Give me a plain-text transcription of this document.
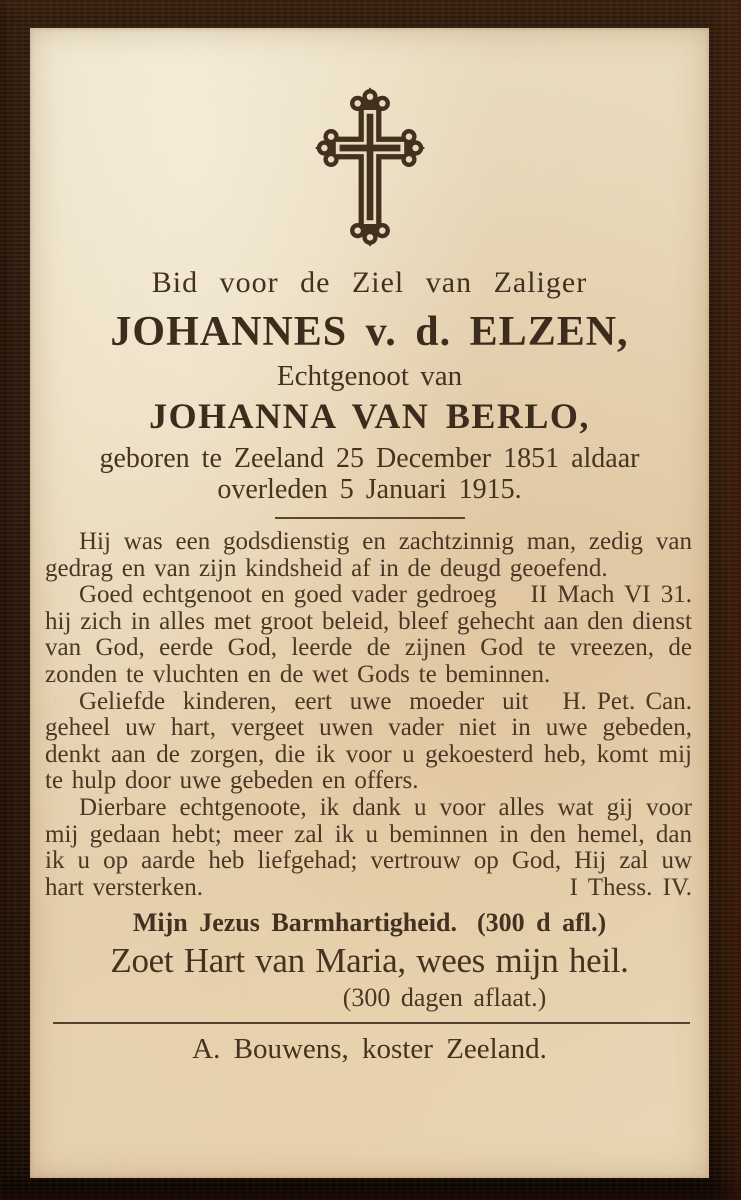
Bid voor de Ziel van Zaliger
JOHANNES v. d. ELZEN,
Echtgenoot van
JOHANNA VAN BERLO,
geboren te Zeeland 25 December 1851 aldaar
overleden 5 Januari 1915.

Hij was een godsdienstig en zachtzinnig man, zedig van gedrag en van zijn kindsheid af in de deugd geoefend.
II Mach VI 31.

Goed echtgenoot en goed vader gedroeg hij zich in alles met groot beleid, bleef gehecht aan den dienst van God, eerde God, leerde de zijnen God te vreezen, de zonden te vluchten en de wet Gods te beminnen.
H. Pet. Can.

Geliefde kinderen, eert uwe moeder uit geheel uw hart, vergeet uwen vader niet in uwe gebeden, denkt aan de zorgen, die ik voor u gekoesterd heb, komt mij te hulp door uwe gebeden en offers.

Dierbare echtgenoote, ik dank u voor alles wat gij voor mij gedaan hebt; meer zal ik u beminnen in den hemel, dan ik u op aarde heb liefgehad; vertrouw op God, Hij zal uw hart versterken.	I Thess. IV.

Mijn Jezus Barmhartigheid. (300 d afl.)
Zoet Hart van Maria, wees mijn heil.
(300 dagen aflaat.)
A. Bouwens, koster Zeeland.
